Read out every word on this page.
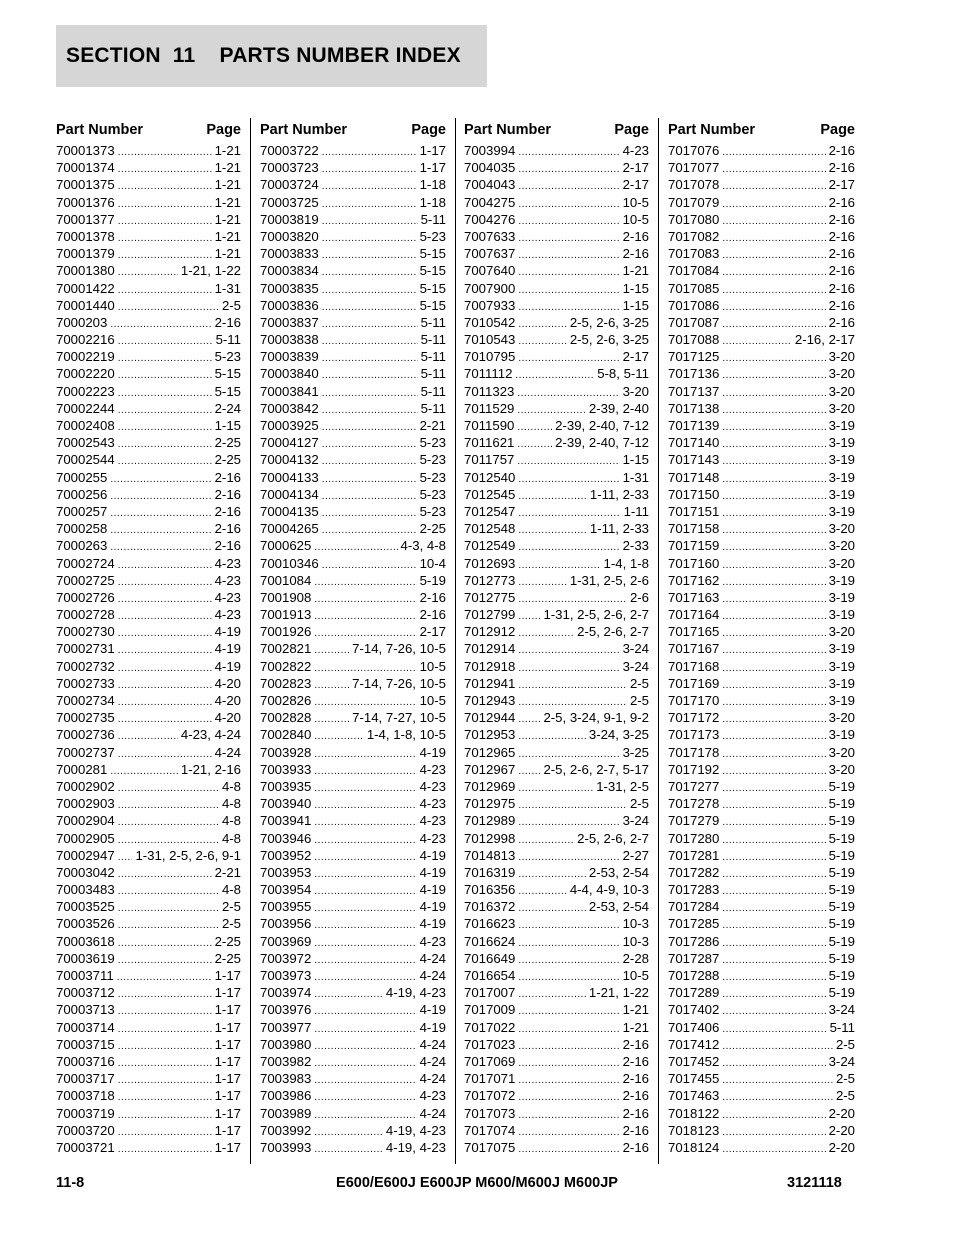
SECTION  11    PARTS NUMBER INDEX
Part Number	Page
70001373 .....	1-21
70001374 .....	1-21
70001375 .....	1-21
70001376 .....	1-21
70001377 .....	1-21
70001378 .....	1-21
70001379 .....	1-21
70001380 .....	1-21, 1-22
70001422 .....	1-31
70001440 .....	2-5
7000203 .....	2-16
70002216 .....	5-11
70002219 .....	5-23
70002220 .....	5-15
70002223 .....	5-15
70002244 .....	2-24
70002408 .....	1-15
70002543 .....	2-25
70002544 .....	2-25
7000255 .....	2-16
7000256 .....	2-16
7000257 .....	2-16
7000258 .....	2-16
7000263 .....	2-16
70002724 .....	4-23
70002725 .....	4-23
70002726 .....	4-23
70002728 .....	4-23
70002730 .....	4-19
70002731 .....	4-19
70002732 .....	4-19
70002733 .....	4-20
70002734 .....	4-20
70002735 .....	4-20
70002736 .....	4-23, 4-24
70002737 .....	4-24
7000281 .....	1-21, 2-16
70002902 .....	4-8
70002903 .....	4-8
70002904 .....	4-8
70002905 .....	4-8
70002947 ..... 1-31, 2-5, 2-6, 9-1
70003042 .....	2-21
70003483 .....	4-8
70003525 .....	2-5
70003526 .....	2-5
70003618 .....	2-25
70003619 .....	2-25
70003711 .....	1-17
70003712 .....	1-17
70003713 .....	1-17
70003714 .....	1-17
70003715 .....	1-17
70003716 .....	1-17
70003717 .....	1-17
70003718 .....	1-17
70003719 .....	1-17
70003720 .....	1-17
70003721 .....	1-17
Part Number	Page
70003722 .....	1-17
70003723 .....	1-17
70003724 .....	1-18
70003725 .....	1-18
70003819 .....	5-11
70003820 .....	5-23
70003833 .....	5-15
70003834 .....	5-15
70003835 .....	5-15
70003836 .....	5-15
70003837 .....	5-11
70003838 .....	5-11
70003839 .....	5-11
70003840 .....	5-11
70003841 .....	5-11
70003842 .....	5-11
70003925 .....	2-21
70004127 .....	5-23
70004132 .....	5-23
70004133 .....	5-23
70004134 .....	5-23
70004135 .....	5-23
70004265 .....	2-25
7000625 .....	4-3, 4-8
70010346 .....	10-4
7001084 .....	5-19
7001908 .....	2-16
7001913 .....	2-16
7001926 .....	2-17
7002821 .....	7-14, 7-26, 10-5
7002822 .....	10-5
7002823 .....	7-14, 7-26, 10-5
7002826 .....	10-5
7002828 .....	7-14, 7-27, 10-5
7002840 .....	1-4, 1-8, 10-5
7003928 .....	4-19
7003933 .....	4-23
7003935 .....	4-23
7003940 .....	4-23
7003941 .....	4-23
7003946 .....	4-23
7003952 .....	4-19
7003953 .....	4-19
7003954 .....	4-19
7003955 .....	4-19
7003956 .....	4-19
7003969 .....	4-23
7003972 .....	4-24
7003973 .....	4-24
7003974 .....	4-19, 4-23
7003976 .....	4-19
7003977 .....	4-19
7003980 .....	4-24
7003982 .....	4-24
7003983 .....	4-24
7003986 .....	4-23
7003989 .....	4-24
7003992 .....	4-19, 4-23
7003993 .....	4-19, 4-23
Part Number	Page
7003994 .....	4-23
7004035 .....	2-17
7004043 .....	2-17
7004275 .....	10-5
7004276 .....	10-5
7007633 .....	2-16
7007637 .....	2-16
7007640 .....	1-21
7007900 .....	1-15
7007933 .....	1-15
7010542 .....	2-5, 2-6, 3-25
7010543 .....	2-5, 2-6, 3-25
7010795 .....	2-17
7011112 .....	5-8, 5-11
7011323 .....	3-20
7011529 .....	2-39, 2-40
7011590 .....	2-39, 2-40, 7-12
7011621 .....	2-39, 2-40, 7-12
7011757 .....	1-15
7012540 .....	1-31
7012545 .....	1-11, 2-33
7012547 .....	1-11
7012548 .....	1-11, 2-33
7012549 .....	2-33
7012693 .....	1-4, 1-8
7012773 .....	1-31, 2-5, 2-6
7012775 .....	2-6
7012799 ..... 1-31, 2-5, 2-6, 2-7
7012912 .....	2-5, 2-6, 2-7
7012914 .....	3-24
7012918 .....	3-24
7012941 .....	2-5
7012943 .....	2-5
7012944 ..... 2-5, 3-24, 9-1, 9-2
7012953 .....	3-24, 3-25
7012965 .....	3-25
7012967 ..... 2-5, 2-6, 2-7, 5-17
7012969 .....	1-31, 2-5
7012975 .....	2-5
7012989 .....	3-24
7012998 .....	2-5, 2-6, 2-7
7014813 .....	2-27
7016319 .....	2-53, 2-54
7016356 .....	4-4, 4-9, 10-3
7016372 .....	2-53, 2-54
7016623 .....	10-3
7016624 .....	10-3
7016649 .....	2-28
7016654 .....	10-5
7017007 .....	1-21, 1-22
7017009 .....	1-21
7017022 .....	1-21
7017023 .....	2-16
7017069 .....	2-16
7017071 .....	2-16
7017072 .....	2-16
7017073 .....	2-16
7017074 .....	2-16
7017075 .....	2-16
Part Number	Page
7017076 .....	2-16
7017077 .....	2-16
7017078 .....	2-17
7017079 .....	2-16
7017080 .....	2-16
7017082 .....	2-16
7017083 .....	2-16
7017084 .....	2-16
7017085 .....	2-16
7017086 .....	2-16
7017087 .....	2-16
7017088 .....	2-16, 2-17
7017125 .....	3-20
7017136 .....	3-20
7017137 .....	3-20
7017138 .....	3-20
7017139 .....	3-19
7017140 .....	3-19
7017143 .....	3-19
7017148 .....	3-19
7017150 .....	3-19
7017151 .....	3-19
7017158 .....	3-20
7017159 .....	3-20
7017160 .....	3-20
7017162 .....	3-19
7017163 .....	3-19
7017164 .....	3-19
7017165 .....	3-20
7017167 .....	3-19
7017168 .....	3-19
7017169 .....	3-19
7017170 .....	3-19
7017172 .....	3-20
7017173 .....	3-19
7017178 .....	3-20
7017192 .....	3-20
7017277 .....	5-19
7017278 .....	5-19
7017279 .....	5-19
7017280 .....	5-19
7017281 .....	5-19
7017282 .....	5-19
7017283 .....	5-19
7017284 .....	5-19
7017285 .....	5-19
7017286 .....	5-19
7017287 .....	5-19
7017288 .....	5-19
7017289 .....	5-19
7017402 .....	3-24
7017406 .....	5-11
7017412 .....	2-5
7017452 .....	3-24
7017455 .....	2-5
7017463 .....	2-5
7018122 .....	2-20
7018123 .....	2-20
7018124 .....	2-20
11-8	E600/E600J E600JP M600/M600J M600JP	3121118
